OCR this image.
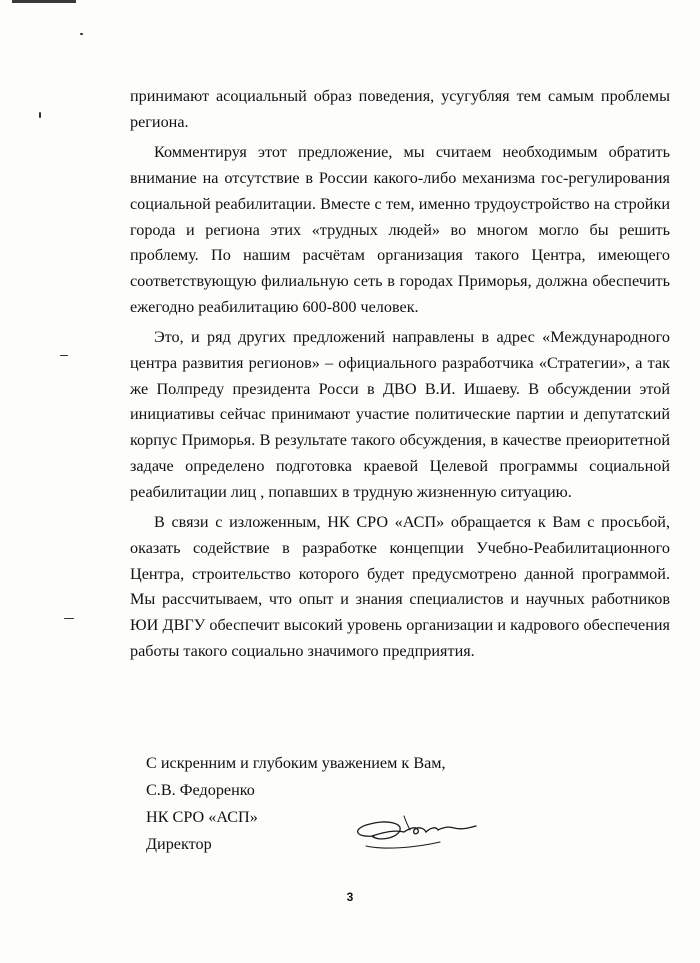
принимают асоциальный образ поведения, усугубляя тем самым проблемы региона.

Комментируя этот предложение, мы считаем необходимым обратить внимание на отсутствие в России какого-либо механизма гос-регулирования социальной реабилитации. Вместе с тем, именно трудоустройство на стройки города и региона этих «трудных людей» во многом могло бы решить проблему. По нашим расчётам организация такого Центра, имеющего соответствующую филиальную сеть в городах Приморья, должна обеспечить ежегодно реабилитацию 600-800 человек.

Это, и ряд других предложений направлены в адрес «Международного центра развития регионов» – официального разработчика «Стратегии», а так же Полпреду президента Росси в ДВО В.И. Ишаеву. В обсуждении этой инициативы сейчас принимают участие политические партии и депутатский корпус Приморья. В результате такого обсуждения, в качестве преиоритетной задаче определено подготовка краевой Целевой программы социальной реабилитации лиц , попавших в трудную жизненную ситуацию.

В связи с изложенным, НК СРО «АСП» обращается к Вам с просьбой, оказать содействие в разработке концепции Учебно-Реабилитационного Центра, строительство которого будет предусмотрено данной программой. Мы рассчитываем, что опыт и знания специалистов и научных работников ЮИ ДВГУ обеспечит высокий уровень организации и кадрового обеспечения работы такого социально значимого предприятия.

С искренним и глубоким уважением к Вам,
С.В. Федоренко
НК СРО «АСП»
Директор
3
